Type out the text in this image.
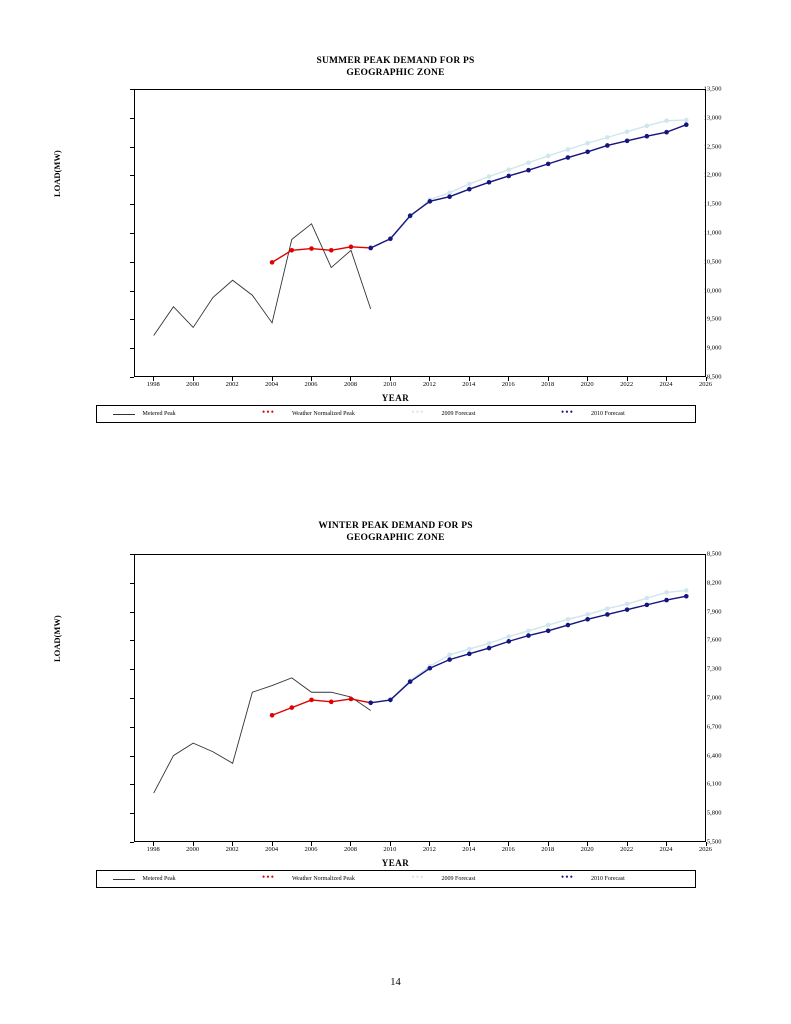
SUMMER PEAK DEMAND FOR PS
GEOGRAPHIC ZONE
LOAD(MW)
8,500
9,000
9,500
10,000
10,500
11,000
11,500
12,000
12,500
13,000
13,500
1998	2000	2002	2004	2006	2008	2010	2012	2014	2016	2018	2020	2022	2024	2026
YEAR
Metered Peak • • •	Weather Normalized Peak • • •	2009 Forecast • • •	2010 Forecast
WINTER PEAK DEMAND FOR PS
GEOGRAPHIC ZONE
LOAD(MW)
5,500
5,800
6,100
6,400
6,700
7,000
7,300
7,600
7,900
8,200
8,500
1998	2000	2002	2004	2006	2008	2010	2012	2014	2016	2018	2020	2022	2024	2026
YEAR
Metered Peak • • •	Weather Normalized Peak • • •	2009 Forecast • • •	2010 Forecast
14
